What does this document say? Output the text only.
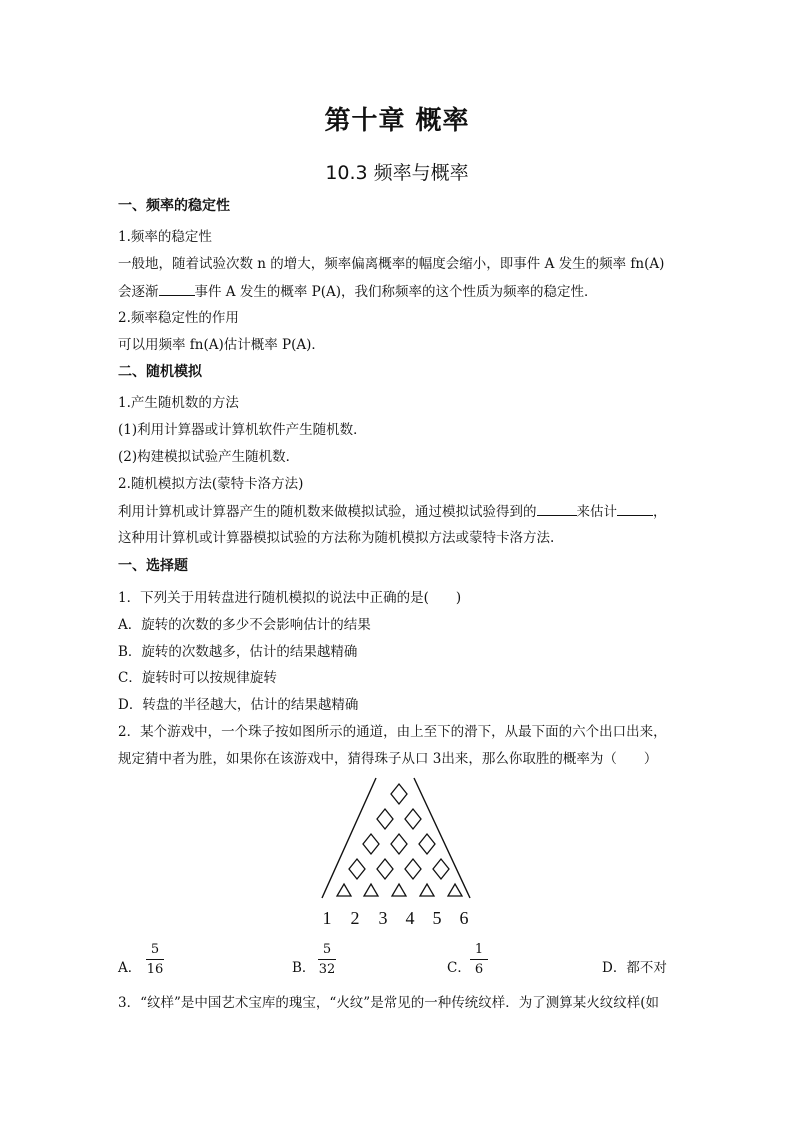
第十章 概率
10.3 频率与概率
一、频率的稳定性
1.频率的稳定性
一般地，随着试验次数 n 的增大，频率偏离概率的幅度会缩小，即事件 A 发生的频率 fn(A)
会逐渐	事件 A 发生的概率 P(A)，我们称频率的这个性质为频率的稳定性．
2.频率稳定性的作用
可以用频率 fn(A)估计概率 P(A)．
二、随机模拟
1.产生随机数的方法
(1)利用计算器或计算机软件产生随机数．
(2)构建模拟试验产生随机数．
2.随机模拟方法(蒙特卡洛方法)
利用计算机或计算器产生的随机数来做模拟试验，通过模拟试验得到的	来估计	，
这种用计算机或计算器模拟试验的方法称为随机模拟方法或蒙特卡洛方法.
一、选择题
1．下列关于用转盘进行随机模拟的说法中正确的是(　　)
A．旋转的次数的多少不会影响估计的结果
B．旋转的次数越多，估计的结果越精确
C．旋转时可以按规律旋转
D．转盘的半径越大，估计的结果越精确
2．某个游戏中，一个珠子按如图所示的通道，由上至下的滑下，从最下面的六个出口出来，
规定猜中者为胜，如果你在该游戏中，猜得珠子从口 3出来，那么你取胜的概率为（　　）
1 2 3 4 5 6
A．
5
16	B．
5
32	C．
1
6	D．都不对
3．“纹样”是中国艺术宝库的瑰宝，“火纹”是常见的一种传统纹样．为了测算某火纹纹样(如
